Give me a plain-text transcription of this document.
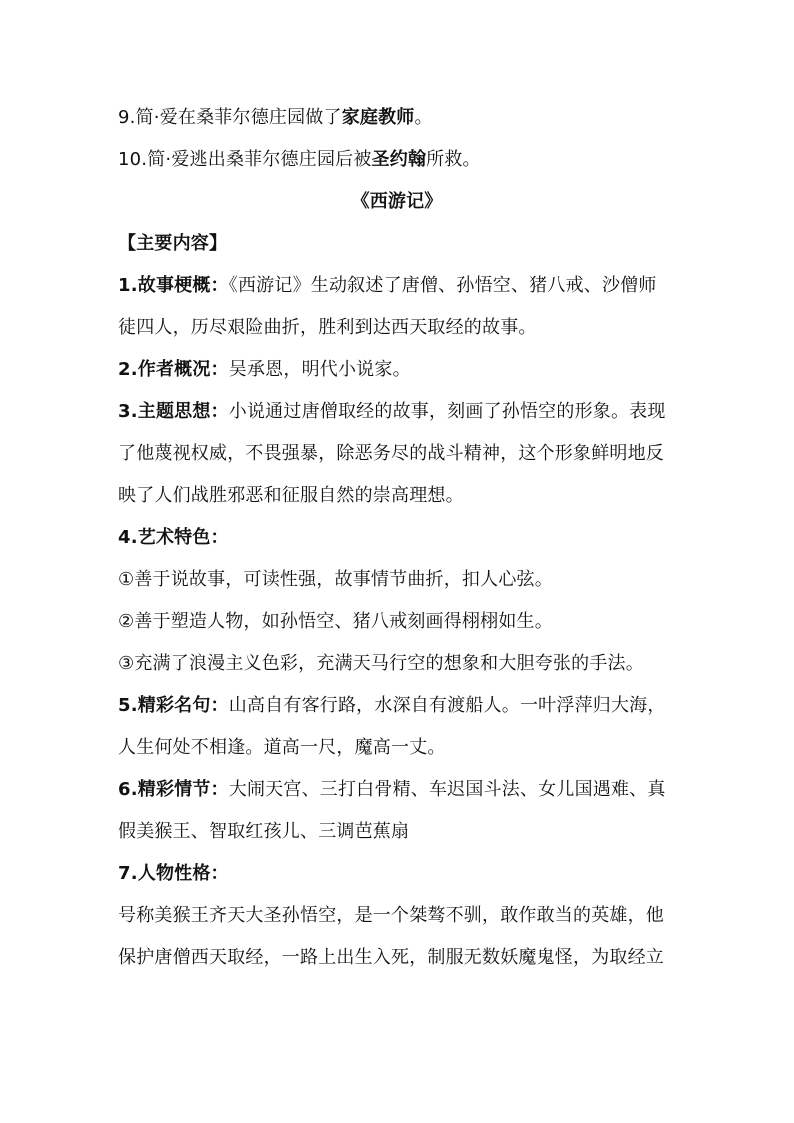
9.简·爱在桑菲尔德庄园做了家庭教师。
10.简·爱逃出桑菲尔德庄园后被圣约翰所救。
《西游记》
【主要内容】
1.故事梗概：《西游记》生动叙述了唐僧、孙悟空、猪八戒、沙僧师
徒四人，历尽艰险曲折，胜利到达西天取经的故事。
2.作者概况：吴承恩，明代小说家。
3.主题思想：小说通过唐僧取经的故事，刻画了孙悟空的形象。表现
了他蔑视权威，不畏强暴，除恶务尽的战斗精神，这个形象鲜明地反
映了人们战胜邪恶和征服自然的崇高理想。
4.艺术特色：
①善于说故事，可读性强，故事情节曲折，扣人心弦。
②善于塑造人物，如孙悟空、猪八戒刻画得栩栩如生。
③充满了浪漫主义色彩，充满天马行空的想象和大胆夸张的手法。
5.精彩名句：山高自有客行路，水深自有渡船人。一叶浮萍归大海，
人生何处不相逢。道高一尺，魔高一丈。
6.精彩情节：大闹天宫、三打白骨精、车迟国斗法、女儿国遇难、真
假美猴王、智取红孩儿、三调芭蕉扇
7.人物性格：
号称美猴王齐天大圣孙悟空，是一个桀骜不驯，敢作敢当的英雄，他
保护唐僧西天取经，一路上出生入死，制服无数妖魔鬼怪，为取经立
